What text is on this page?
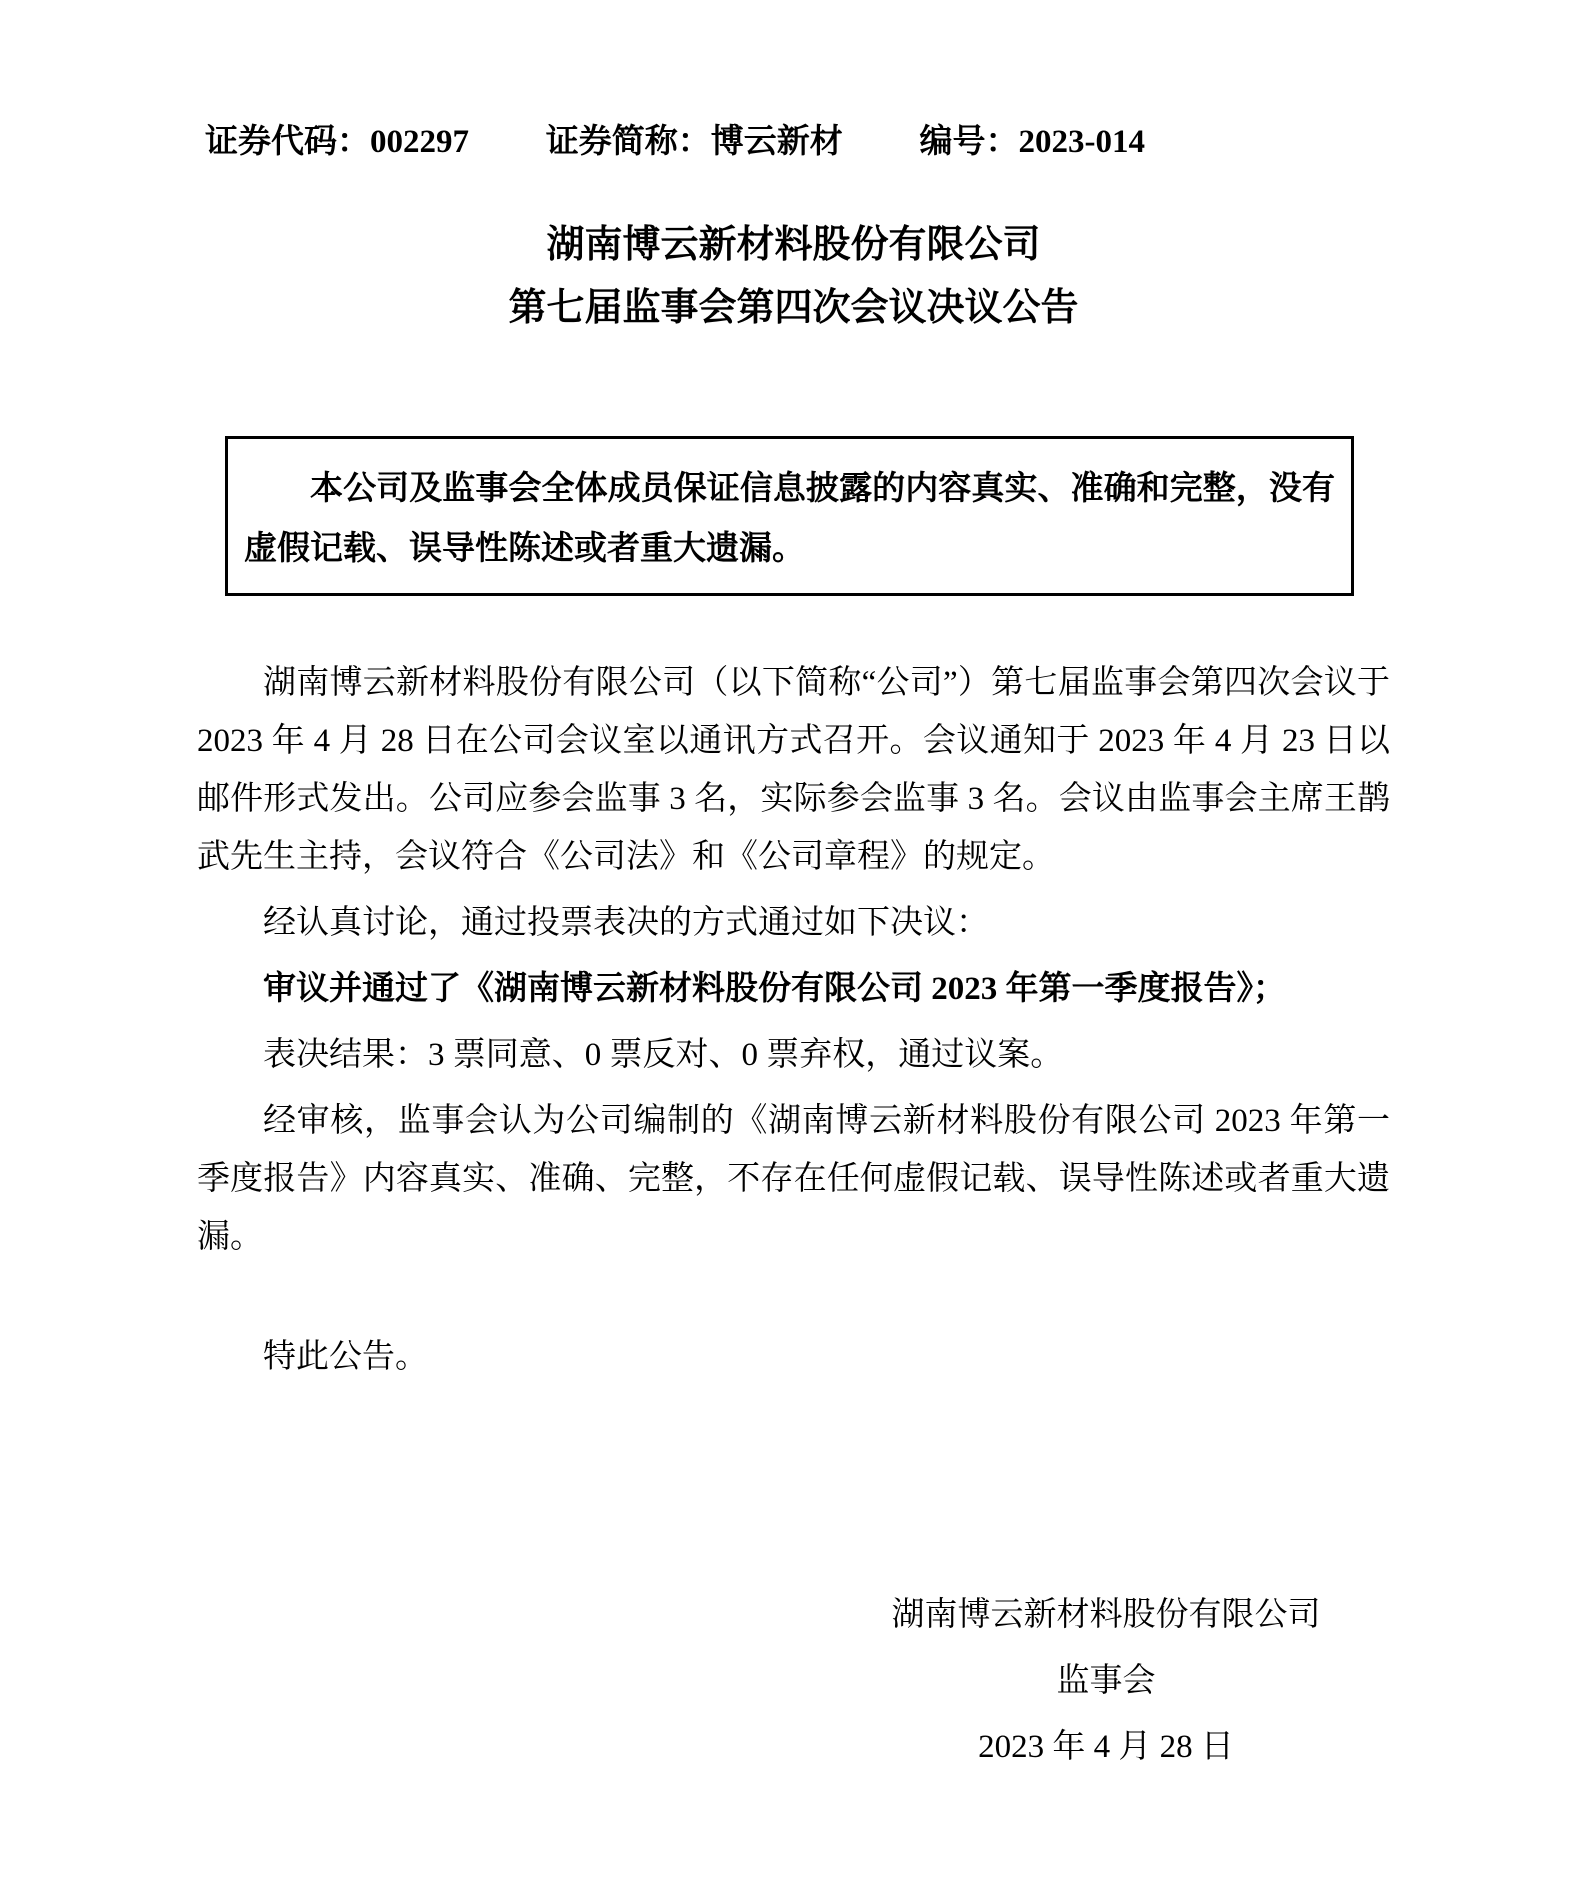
证券代码：002297 证券简称：博云新材 编号：2023-014
湖南博云新材料股份有限公司
第七届监事会第四次会议决议公告

本公司及监事会全体成员保证信息披露的内容真实、准确和完整，没有虚假记载、误导性陈述或者重大遗漏。

湖南博云新材料股份有限公司（以下简称“公司”）第七届监事会第四次会议于 2023 年 4 月 28 日在公司会议室以通讯方式召开。会议通知于 2023 年 4 月 23 日以邮件形式发出。公司应参会监事 3 名，实际参会监事 3 名。会议由监事会主席王鹊武先生主持，会议符合《公司法》和《公司章程》的规定。

经认真讨论，通过投票表决的方式通过如下决议：

审议并通过了《湖南博云新材料股份有限公司 2023 年第一季度报告》；

表决结果：3 票同意、0 票反对、0 票弃权，通过议案。

经审核，监事会认为公司编制的《湖南博云新材料股份有限公司 2023 年第一季度报告》内容真实、准确、完整，不存在任何虚假记载、误导性陈述或者重大遗漏。

特此公告。

湖南博云新材料股份有限公司
监事会
2023 年 4 月 28 日
